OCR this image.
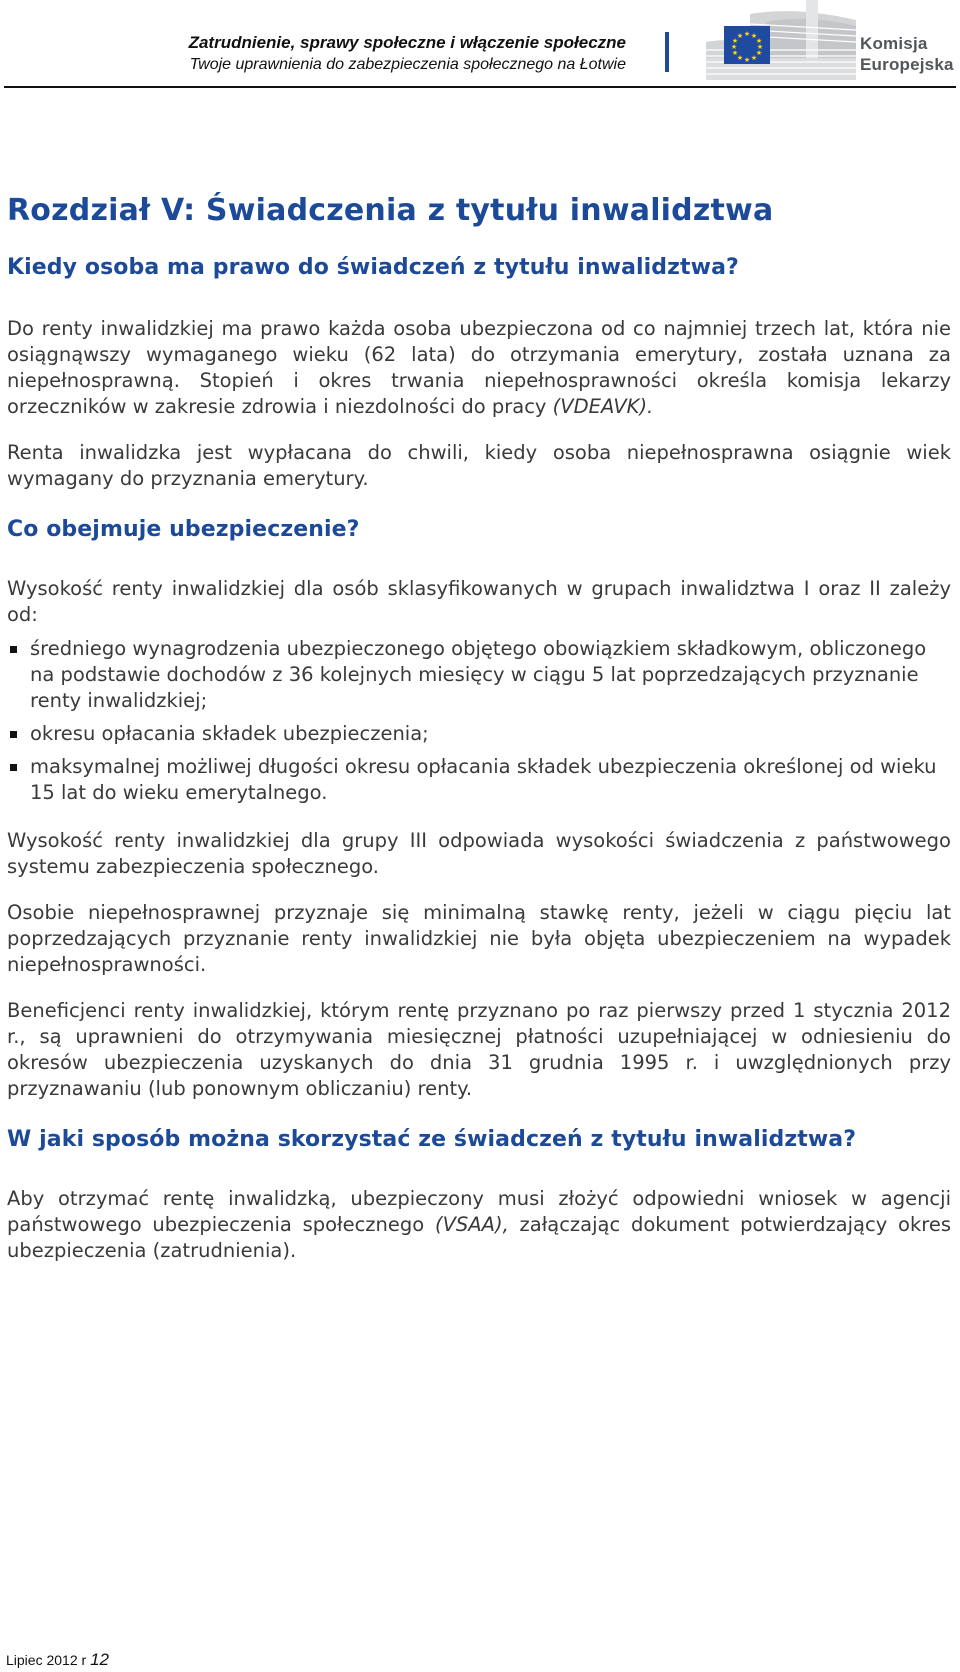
Zatrudnienie, sprawy społeczne i włączenie społeczne
Twoje uprawnienia do zabezpieczenia społecznego na Łotwie
★ ★
★
★
★
★
★
★
★
★
★
★	Komisja
Europejska
Rozdział V: Świadczenia z tytułu inwalidztwa
Kiedy osoba ma prawo do świadczeń z tytułu inwalidztwa?

Do renty inwalidzkiej ma prawo każda osoba ubezpieczona od co najmniej trzech lat, która nie osiągnąwszy wymaganego wieku (62 lata) do otrzymania emerytury, została uznana za niepełnosprawną. Stopień i okres trwania niepełnosprawności określa komisja lekarzy orzeczników w zakresie zdrowia i niezdolności do pracy (VDEAVK).

Renta inwalidzka jest wypłacana do chwili, kiedy osoba niepełnosprawna osiągnie wiek wymagany do przyznania emerytury.

Co obejmuje ubezpieczenie?

Wysokość renty inwalidzkiej dla osób sklasyfikowanych w grupach inwalidztwa I oraz II zależy od:

średniego wynagrodzenia ubezpieczonego objętego obowiązkiem składkowym, obliczonego na podstawie dochodów z 36 kolejnych miesięcy w ciągu 5 lat poprzedzających przyznanie renty inwalidzkiej;
okresu opłacania składek ubezpieczenia;
maksymalnej możliwej długości okresu opłacania składek ubezpieczenia określonej od wieku 15 lat do wieku emerytalnego.

Wysokość renty inwalidzkiej dla grupy III odpowiada wysokości świadczenia z państwowego systemu zabezpieczenia społecznego.

Osobie niepełnosprawnej przyznaje się minimalną stawkę renty, jeżeli w ciągu pięciu lat poprzedzających przyznanie renty inwalidzkiej nie była objęta ubezpieczeniem na wypadek niepełnosprawności.

Beneficjenci renty inwalidzkiej, którym rentę przyznano po raz pierwszy przed 1 stycznia 2012 r., są uprawnieni do otrzymywania miesięcznej płatności uzupełniającej w odniesieniu do okresów ubezpieczenia uzyskanych do dnia 31 grudnia 1995 r. i uwzględnionych przy przyznawaniu (lub ponownym obliczaniu) renty.

W jaki sposób można skorzystać ze świadczeń z tytułu inwalidztwa?

Aby otrzymać rentę inwalidzką, ubezpieczony musi złożyć odpowiedni wniosek w agencji państwowego ubezpieczenia społecznego (VSAA), załączając dokument potwierdzający okres ubezpieczenia (zatrudnienia).

Lipiec 2012 r 12
